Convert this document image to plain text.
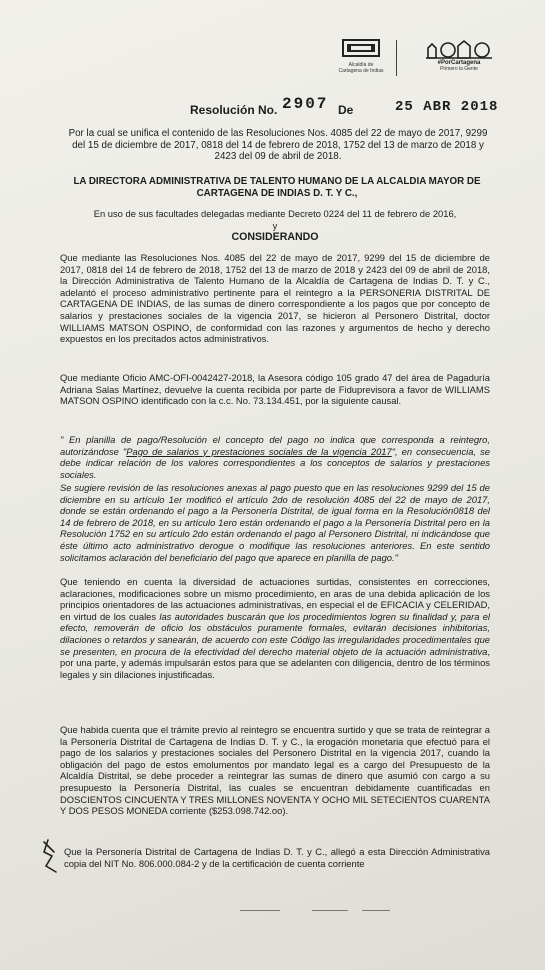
Alcaldía de
Cartagena de Indias
#PorCartagena
Primero la Gente
Resolución No. 2907 De	25 ABR 2018
Por la cual se unifica el contenido de las Resoluciones Nos. 4085 del 22 de mayo de 2017, 9299 del 15 de diciembre de 2017, 0818 del 14 de febrero de 2018, 1752 del 13 de marzo de 2018 y 2423 del 09 de abril de 2018.
LA DIRECTORA ADMINISTRATIVA DE TALENTO HUMANO DE LA ALCALDIA MAYOR DE CARTAGENA DE INDIAS D. T. Y C.,
En uso de sus facultades delegadas mediante Decreto 0224 del 11 de febrero de 2016,
y
CONSIDERANDO
Que mediante las Resoluciones Nos. 4085 del 22 de mayo de 2017, 9299 del 15 de diciembre de 2017, 0818 del 14 de febrero de 2018, 1752 del 13 de marzo de 2018 y 2423 del 09 de abril de 2018, la Dirección Administrativa de Talento Humano de la Alcaldía de Cartagena de Indias D. T. y C., adelantó el proceso administrativo pertinente para el reintegro a la PERSONERIA DISTRITAL DE CARTAGENA DE INDIAS, de las sumas de dinero correspondiente a los pagos que por concepto de salarios y prestaciones sociales de la vigencia 2017, se hicieron al Personero Distrital, doctor WILLIAMS MATSON OSPINO, de conformidad con las razones y argumentos de hecho y derecho expuestos en los precitados actos administrativos.
Que mediante Oficio AMC-OFI-0042427-2018, la Asesora código 105 grado 47 del área de Pagaduría Adriana Salas Martínez, devuelve la cuenta recibida por parte de Fiduprevisora a favor de WILLIAMS MATSON OSPINO identificado con la c.c. No. 73.134.451, por la siguiente causal.
" En planilla de pago/Resolución el concepto del pago no indica que corresponda a reintegro, autorizándose "Pago de salarios y prestaciones sociales de la vigencia 2017", en consecuencia, se debe indicar relación de los valores correspondientes a los conceptos de salarios y prestaciones sociales.
Se sugiere revisión de las resoluciones anexas al pago puesto que en las resoluciones 9299 del 15 de diciembre en su artículo 1er modificó el artículo 2do de resolución 4085 del 22 de mayo de 2017, donde se están ordenando el pago a la Personería Distrital, de igual forma en la Resolución0818 del 14 de febrero de 2018, en su artículo 1ero están ordenando el pago a la Personería Distrital pero en la Resolución 1752 en su artículo 2do están ordenando el pago al Personero Distrital, ni indicándose que éste último acto administrativo derogue o modifique las resoluciones anteriores. En este sentido solicitamos aclaración del beneficiario del pago que aparece en planilla de pago."
Que teniendo en cuenta la diversidad de actuaciones surtidas, consistentes en correcciones, aclaraciones, modificaciones sobre un mismo procedimiento, en aras de una debida aplicación de los principios orientadores de las actuaciones administrativas, en especial el de EFICACIA y CELERIDAD, en virtud de los cuales las autoridades buscarán que los procedimientos logren su finalidad y, para el efecto, removerán de oficio los obstáculos puramente formales, evitarán decisiones inhibitorias, dilaciones o retardos y sanearán, de acuerdo con este Código las irregularidades procedimentales que se presenten, en procura de la efectividad del derecho material objeto de la actuación administrativa, por una parte, y además impulsarán estos para que se adelanten con diligencia, dentro de los términos legales y sin dilaciones injustificadas.
Que habida cuenta que el trámite previo al reintegro se encuentra surtido y que se trata de reintegrar a la Personería Distrital de Cartagena de Indias D. T. y C., la erogación monetaria que efectuó para el pago de los salarios y prestaciones sociales del Personero Distrital en la vigencia 2017, cuando la obligación del pago de estos emolumentos por mandato legal es a cargo del Presupuesto de la Alcaldía Distrital, se debe proceder a reintegrar las sumas de dinero que asumió con cargo a su presupuesto la Personería Distrital, las cuales se encuentran debidamente cuantificadas en DOSCIENTOS CINCUENTA Y TRES MILLONES NOVENTA Y OCHO MIL SETECIENTOS CUARENTA Y DOS PESOS MONEDA corriente ($253.098.742.oo).
Que la Personería Distrital de Cartagena de Indias D. T. y C., allegó a esta Dirección Administrativa copia del NIT No. 806.000.084-2 y de la certificación de cuenta corriente
